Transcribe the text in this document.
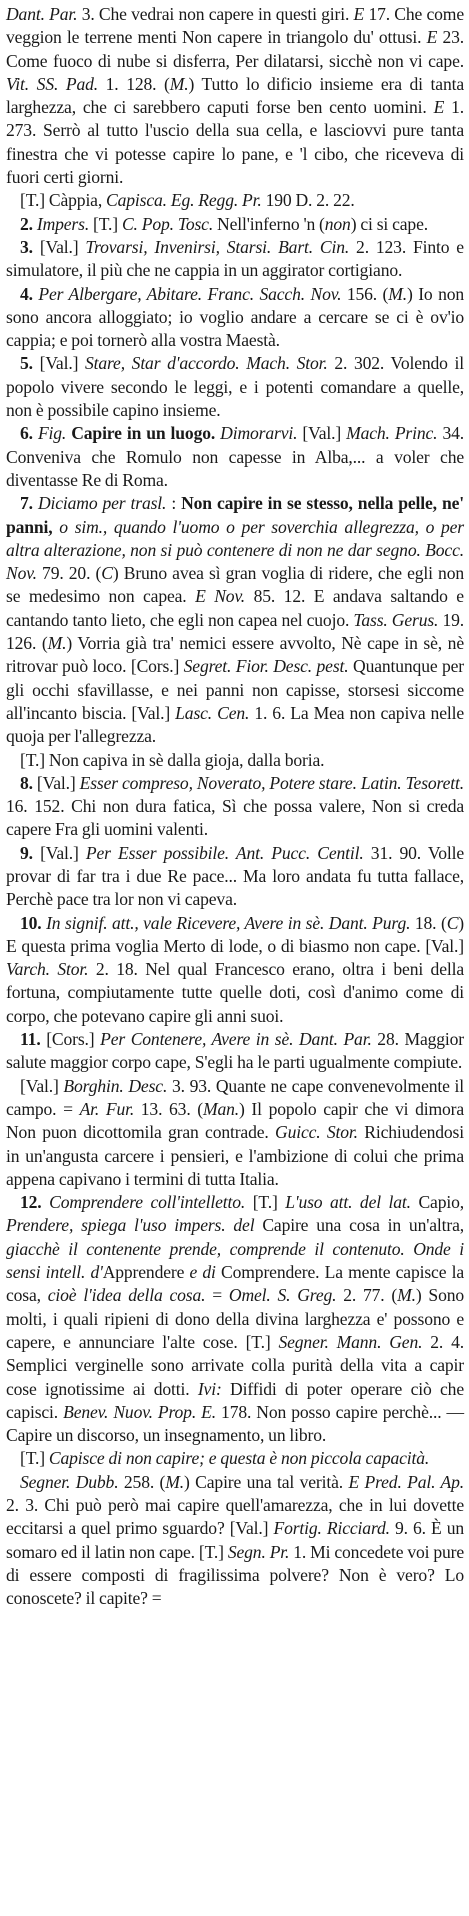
Dant. Par. 3. Che vedrai non capere in questi giri. E 17. Che come veggion le terrene menti Non capere in triangolo du' ottusi. E 23. Come fuoco di nube si disferra, Per dilatarsi, sicchè non vi cape. Vit. SS. Pad. 1. 128. (M.) Tutto lo dificio insieme era di tanta larghezza, che ci sarebbero caputi forse ben cento uomini. E 1. 273. Serrò al tutto l'uscio della sua cella, e lasciovvi pure tanta finestra che vi potesse capire lo pane, e 'l cibo, che riceveva di fuori certi giorni.

[T.] Càppia, Capisca. Eg. Regg. Pr. 190 D. 2. 22.

2. Impers. [T.] C. Pop. Tosc. Nell'inferno 'n (non) ci si cape.

3. [Val.] Trovarsi, Invenirsi, Starsi. Bart. Cin. 2. 123. Finto e simulatore, il più che ne cappia in un aggirator cortigiano.

4. Per Albergare, Abitare. Franc. Sacch. Nov. 156. (M.) Io non sono ancora alloggiato; io voglio andare a cercare se ci è ov'io cappia; e poi tornerò alla vostra Maestà.

5. [Val.] Stare, Star d'accordo. Mach. Stor. 2. 302. Volendo il popolo vivere secondo le leggi, e i potenti comandare a quelle, non è possibile capino insieme.

6. Fig. Capire in un luogo. Dimorarvi. [Val.] Mach. Princ. 34. Conveniva che Romulo non capesse in Alba,... a voler che diventasse Re di Roma.

7. Diciamo per trasl. : Non capire in se stesso, nella pelle, ne' panni, o sim., quando l'uomo o per soverchia allegrezza, o per altra alterazione, non si può contenere di non ne dar segno. Bocc. Nov. 79. 20. (C) Bruno avea sì gran voglia di ridere, che egli non se medesimo non capea. E Nov. 85. 12. E andava saltando e cantando tanto lieto, che egli non capea nel cuojo. Tass. Gerus. 19. 126. (M.) Vorria già tra' nemici essere avvolto, Nè cape in sè, nè ritrovar può loco. [Cors.] Segret. Fior. Desc. pest. Quantunque per gli occhi sfavillasse, e nei panni non capisse, storsesi siccome all'incanto biscia. [Val.] Lasc. Cen. 1. 6. La Mea non capiva nelle quoja per l'allegrezza.

[T.] Non capiva in sè dalla gioja, dalla boria.

8. [Val.] Esser compreso, Noverato, Potere stare. Latin. Tesorett. 16. 152. Chi non dura fatica, Sì che possa valere, Non si creda capere Fra gli uomini valenti.

9. [Val.] Per Esser possibile. Ant. Pucc. Centil. 31. 90. Volle provar di far tra i due Re pace... Ma loro andata fu tutta fallace, Perchè pace tra lor non vi capeva.

10. In signif. att., vale Ricevere, Avere in sè. Dant. Purg. 18. (C) E questa prima voglia Merto di lode, o di biasmo non cape. [Val.] Varch. Stor. 2. 18. Nel qual Francesco erano, oltra i beni della fortuna, compiutamente tutte quelle doti, così d'animo come di corpo, che potevano capire gli anni suoi.

11. [Cors.] Per Contenere, Avere in sè. Dant. Par. 28. Maggior salute maggior corpo cape, S'egli ha le parti ugualmente compiute.

[Val.] Borghin. Desc. 3. 93. Quante ne cape convenevolmente il campo. = Ar. Fur. 13. 63. (Man.) Il popolo capir che vi dimora Non puon dicottomila gran contrade. Guicc. Stor. Richiudendosi in un'angusta carcere i pensieri, e l'ambizione di colui che prima appena capivano i termini di tutta Italia.

12. Comprendere coll'intelletto. [T.] L'uso att. del lat. Capio, Prendere, spiega l'uso impers. del Capire una cosa in un'altra, giacchè il contenente prende, comprende il contenuto. Onde i sensi intell. d'Apprendere e di Comprendere. La mente capisce la cosa, cioè l'idea della cosa. = Omel. S. Greg. 2. 77. (M.) Sono molti, i quali ripieni di dono della divina larghezza e' possono e capere, e annunciare l'alte cose. [T.] Segner. Mann. Gen. 2. 4. Semplici verginelle sono arrivate colla purità della vita a capir cose ignotissime ai dotti. Ivi: Diffidi di poter operare ciò che capisci. Benev. Nuov. Prop. E. 178. Non posso capire perchè... — Capire un discorso, un insegnamento, un libro.

[T.] Capisce di non capire; e questa è non piccola capacità.

Segner. Dubb. 258. (M.) Capire una tal verità. E Pred. Pal. Ap. 2. 3. Chi può però mai capire quell'amarezza, che in lui dovette eccitarsi a quel primo sguardo? [Val.] Fortig. Ricciard. 9. 6. È un somaro ed il latin non cape. [T.] Segn. Pr. 1. Mi concedete voi pure di essere composti di fragilissima polvere? Non è vero? Lo conoscete? il capite? =
